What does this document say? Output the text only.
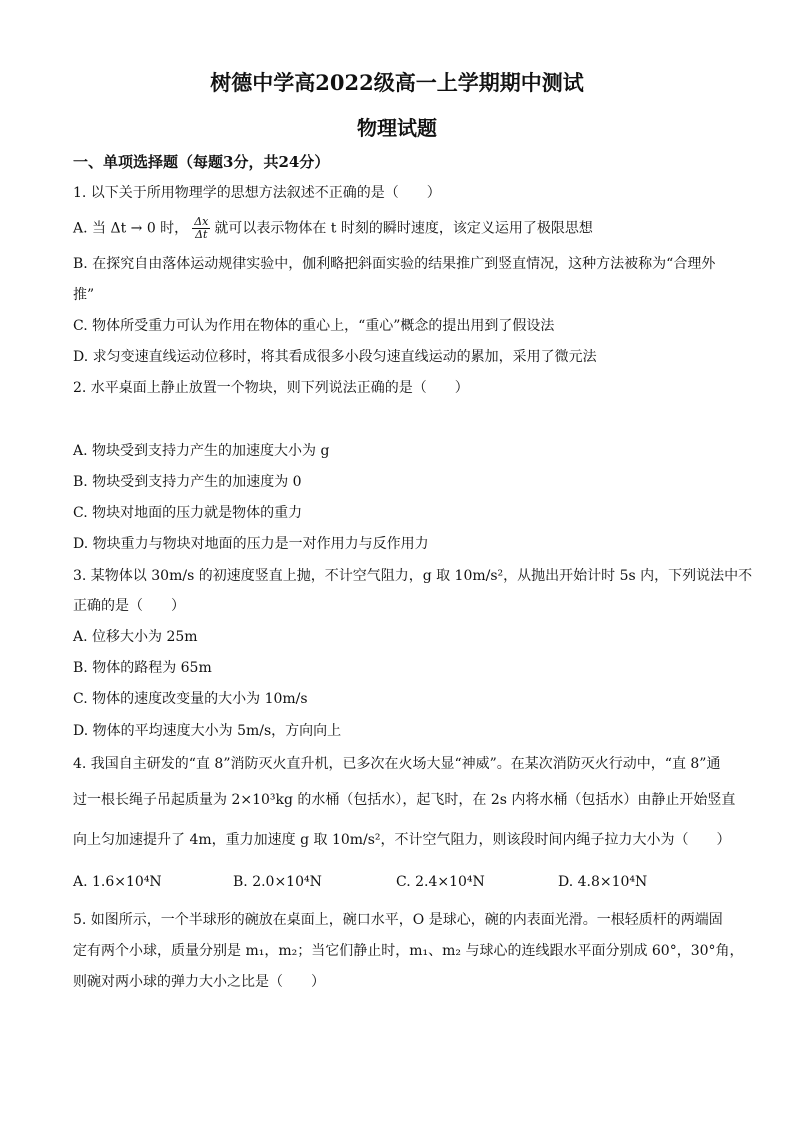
树德中学高2022级高一上学期期中测试
物理试题
一、单项选择题（每题3分，共24分）
1. 以下关于所用物理学的思想方法叙述不正确的是（　　）
A. 当 Δt → 0 时， $\frac{\Delta x}{\Delta t}$ 就可以表示物体在 t 时刻的瞬时速度，该定义运用了极限思想
B. 在探究自由落体运动规律实验中，伽利略把斜面实验的结果推广到竖直情况，这种方法被称为“合理外
推”
C. 物体所受重力可认为作用在物体的重心上，“重心”概念的提出用到了假设法
D. 求匀变速直线运动位移时，将其看成很多小段匀速直线运动的累加，采用了微元法
2. 水平桌面上静止放置一个物块，则下列说法正确的是（　　）
A. 物块受到支持力产生的加速度大小为 g
B. 物块受到支持力产生的加速度为 0
C. 物块对地面的压力就是物体的重力
D. 物块重力与物块对地面的压力是一对作用力与反作用力
3. 某物体以 30m/s 的初速度竖直上抛，不计空气阻力，g 取 10m/s²，从抛出开始计时 5s 内，下列说法中不
正确的是（　　）
A. 位移大小为 25m
B. 物体的路程为 65m
C. 物体的速度改变量的大小为 10m/s
D. 物体的平均速度大小为 5m/s，方向向上
4. 我国自主研发的“直 8”消防灭火直升机，已多次在火场大显“神威”。在某次消防灭火行动中，“直 8”通
过一根长绳子吊起质量为 2×10³kg 的水桶（包括水），起飞时，在 2s 内将水桶（包括水）由静止开始竖直
向上匀加速提升了 4m，重力加速度 g 取 10m/s²，不计空气阻力，则该段时间内绳子拉力大小为（　　）
A. 1.6×10⁴N	B. 2.0×10⁴N	C. 2.4×10⁴N	D. 4.8×10⁴N
5. 如图所示，一个半球形的碗放在桌面上，碗口水平，O 是球心，碗的内表面光滑。一根轻质杆的两端固
定有两个小球，质量分别是 m₁，m₂；当它们静止时，m₁、m₂ 与球心的连线跟水平面分别成 60°，30°角，
则碗对两小球的弹力大小之比是（　　）
